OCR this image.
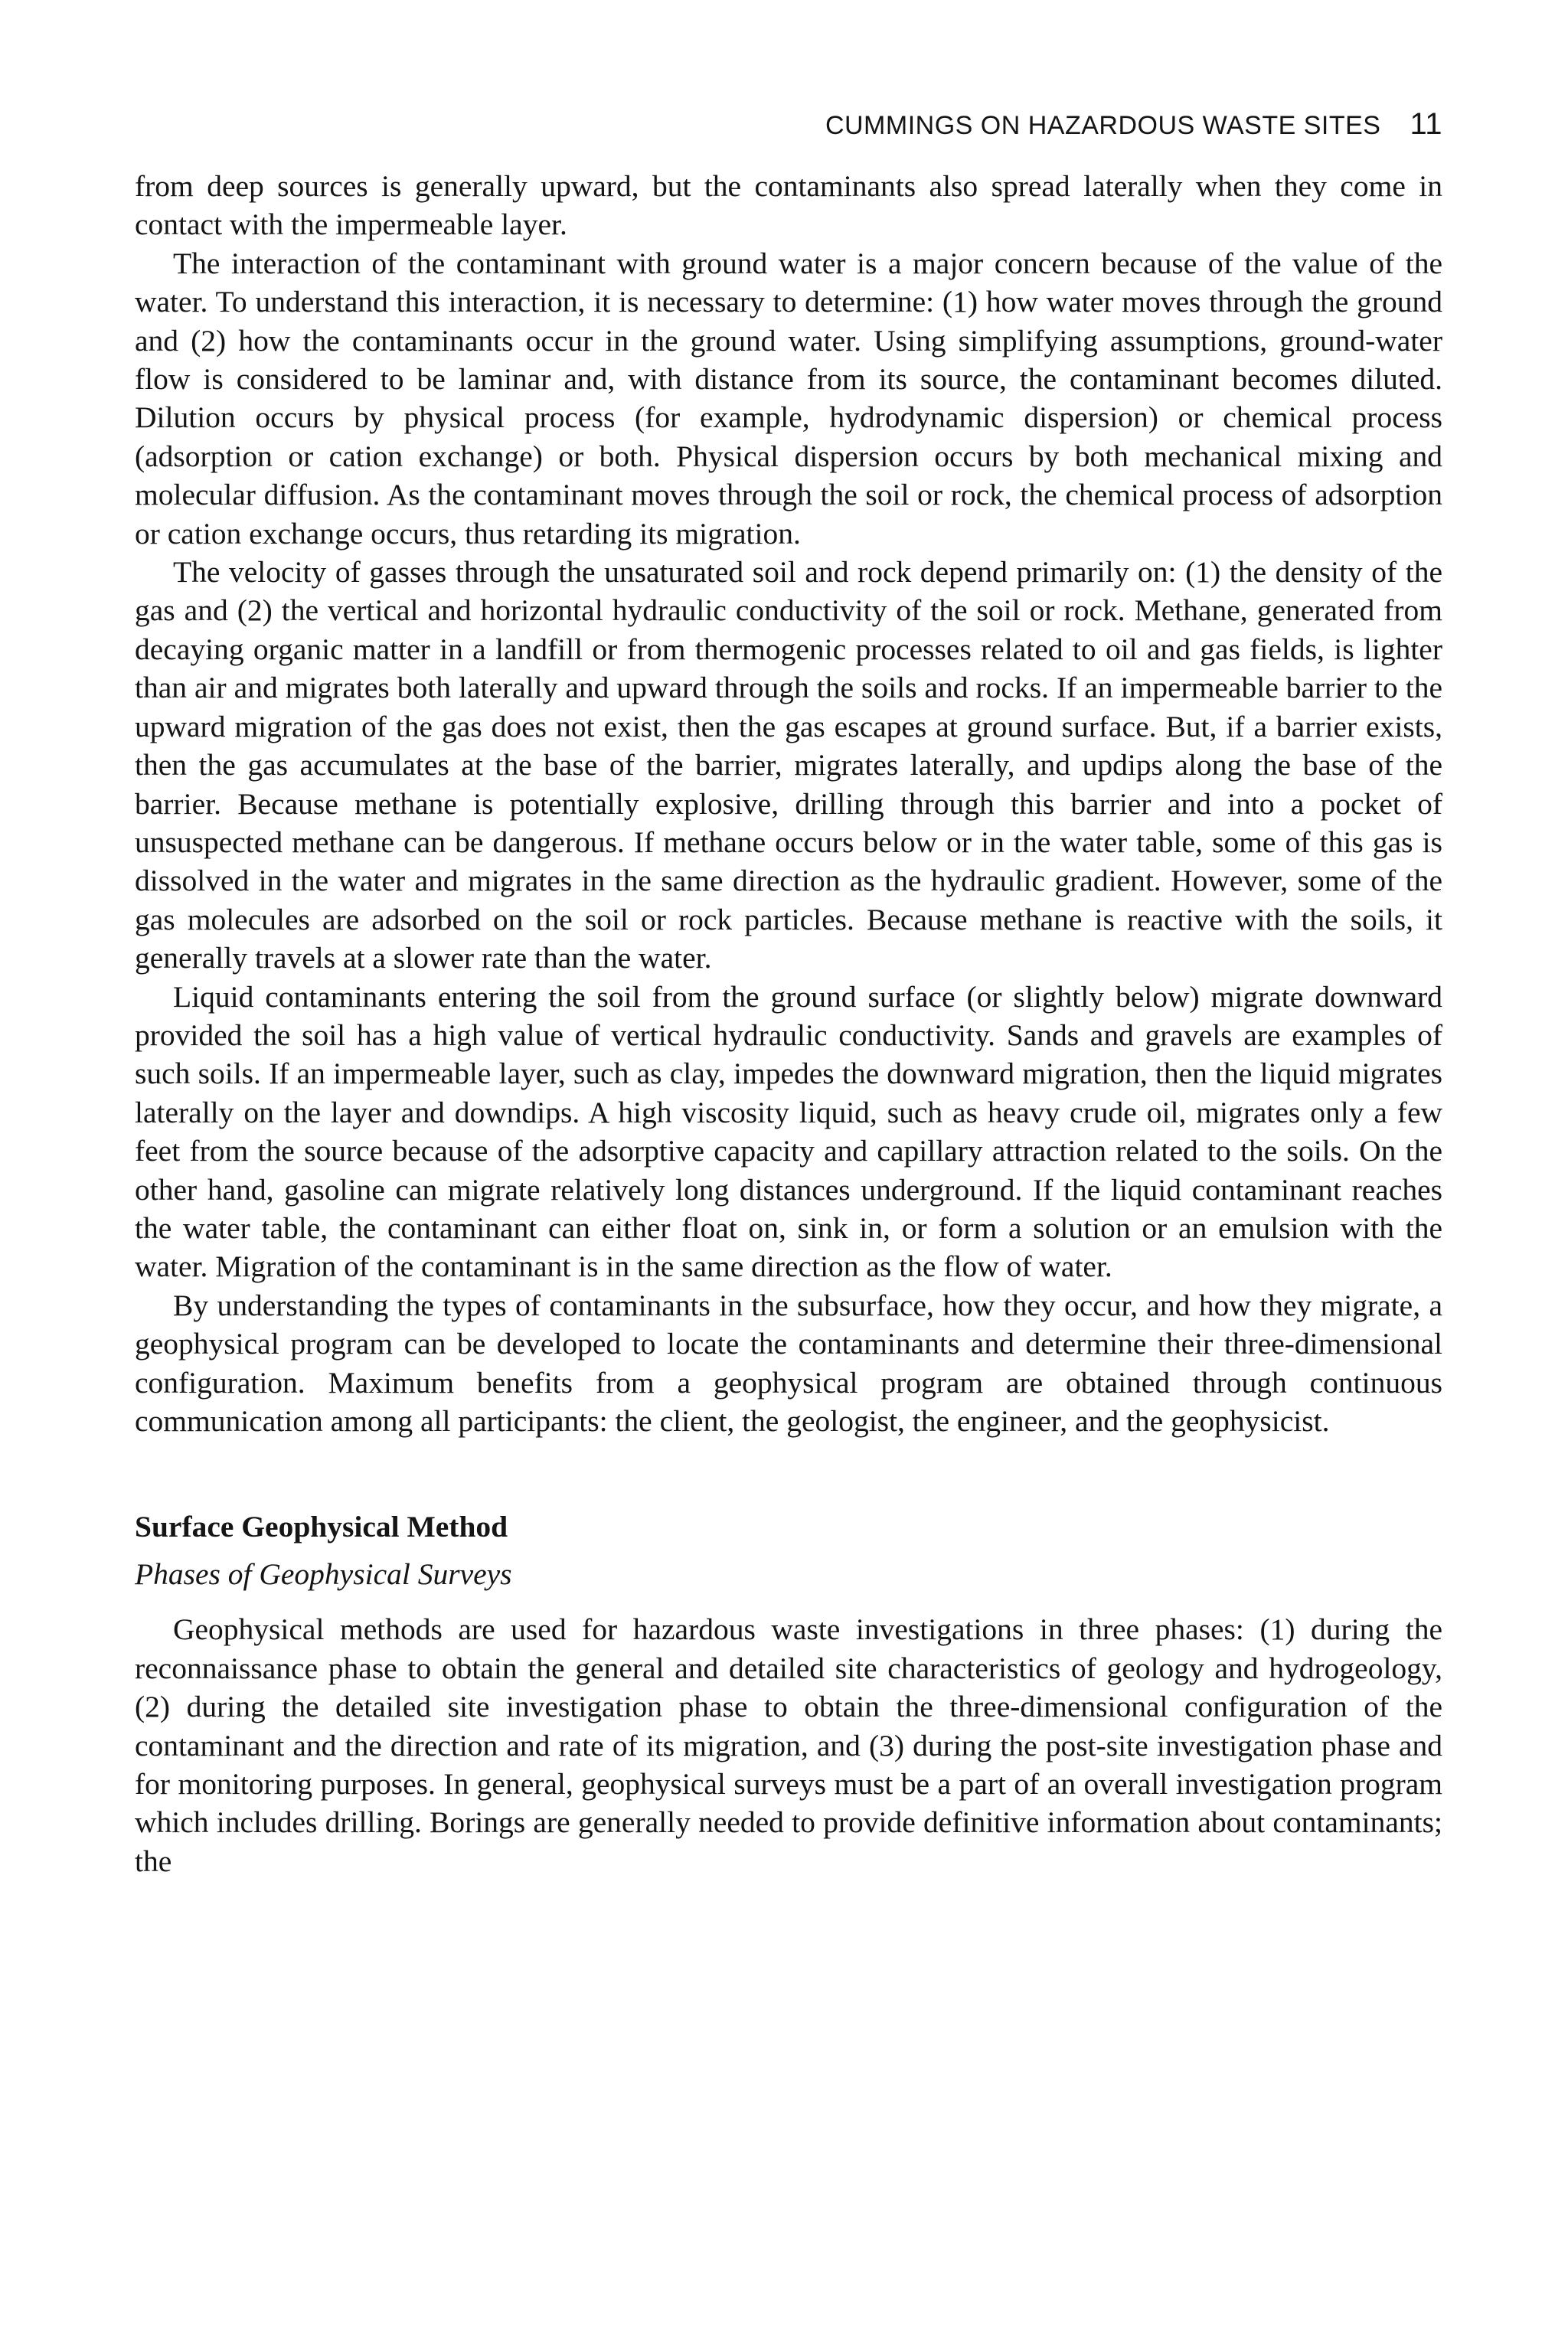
CUMMINGS ON HAZARDOUS WASTE SITES 11

from deep sources is generally upward, but the contaminants also spread laterally when they come in contact with the impermeable layer.

The interaction of the contaminant with ground water is a major concern because of the value of the water. To understand this interaction, it is necessary to determine: (1) how water moves through the ground and (2) how the contaminants occur in the ground water. Using simplifying assumptions, ground-water flow is considered to be laminar and, with distance from its source, the contaminant becomes diluted. Dilution occurs by physical process (for example, hydrodynamic dispersion) or chemical process (adsorption or cation exchange) or both. Physical dispersion occurs by both mechanical mixing and molecular diffusion. As the contaminant moves through the soil or rock, the chemical process of adsorption or cation exchange occurs, thus retarding its migration.

The velocity of gasses through the unsaturated soil and rock depend primarily on: (1) the density of the gas and (2) the vertical and horizontal hydraulic conductivity of the soil or rock. Methane, generated from decaying organic matter in a landfill or from thermogenic processes related to oil and gas fields, is lighter than air and migrates both laterally and upward through the soils and rocks. If an impermeable barrier to the upward migration of the gas does not exist, then the gas escapes at ground surface. But, if a barrier exists, then the gas accumulates at the base of the barrier, migrates laterally, and updips along the base of the barrier. Because methane is potentially explosive, drilling through this barrier and into a pocket of unsuspected methane can be dangerous. If methane occurs below or in the water table, some of this gas is dissolved in the water and migrates in the same direction as the hydraulic gradient. However, some of the gas molecules are adsorbed on the soil or rock particles. Because methane is reactive with the soils, it generally travels at a slower rate than the water.

Liquid contaminants entering the soil from the ground surface (or slightly below) migrate downward provided the soil has a high value of vertical hydraulic conductivity. Sands and gravels are examples of such soils. If an impermeable layer, such as clay, impedes the downward migration, then the liquid migrates laterally on the layer and downdips. A high viscosity liquid, such as heavy crude oil, migrates only a few feet from the source because of the adsorptive capacity and capillary attraction related to the soils. On the other hand, gasoline can migrate relatively long distances underground. If the liquid contaminant reaches the water table, the contaminant can either float on, sink in, or form a solution or an emulsion with the water. Migration of the contaminant is in the same direction as the flow of water.

By understanding the types of contaminants in the subsurface, how they occur, and how they migrate, a geophysical program can be developed to locate the contaminants and determine their three-dimensional configuration. Maximum benefits from a geophysical program are obtained through continuous communication among all participants: the client, the geologist, the engineer, and the geophysicist.

Surface Geophysical Method
Phases of Geophysical Surveys

Geophysical methods are used for hazardous waste investigations in three phases: (1) during the reconnaissance phase to obtain the general and detailed site characteristics of geology and hydrogeology, (2) during the detailed site investigation phase to obtain the three-dimensional configuration of the contaminant and the direction and rate of its migration, and (3) during the post-site investigation phase and for monitoring purposes. In general, geophysical surveys must be a part of an overall investigation program which includes drilling. Borings are generally needed to provide definitive information about contaminants; the
